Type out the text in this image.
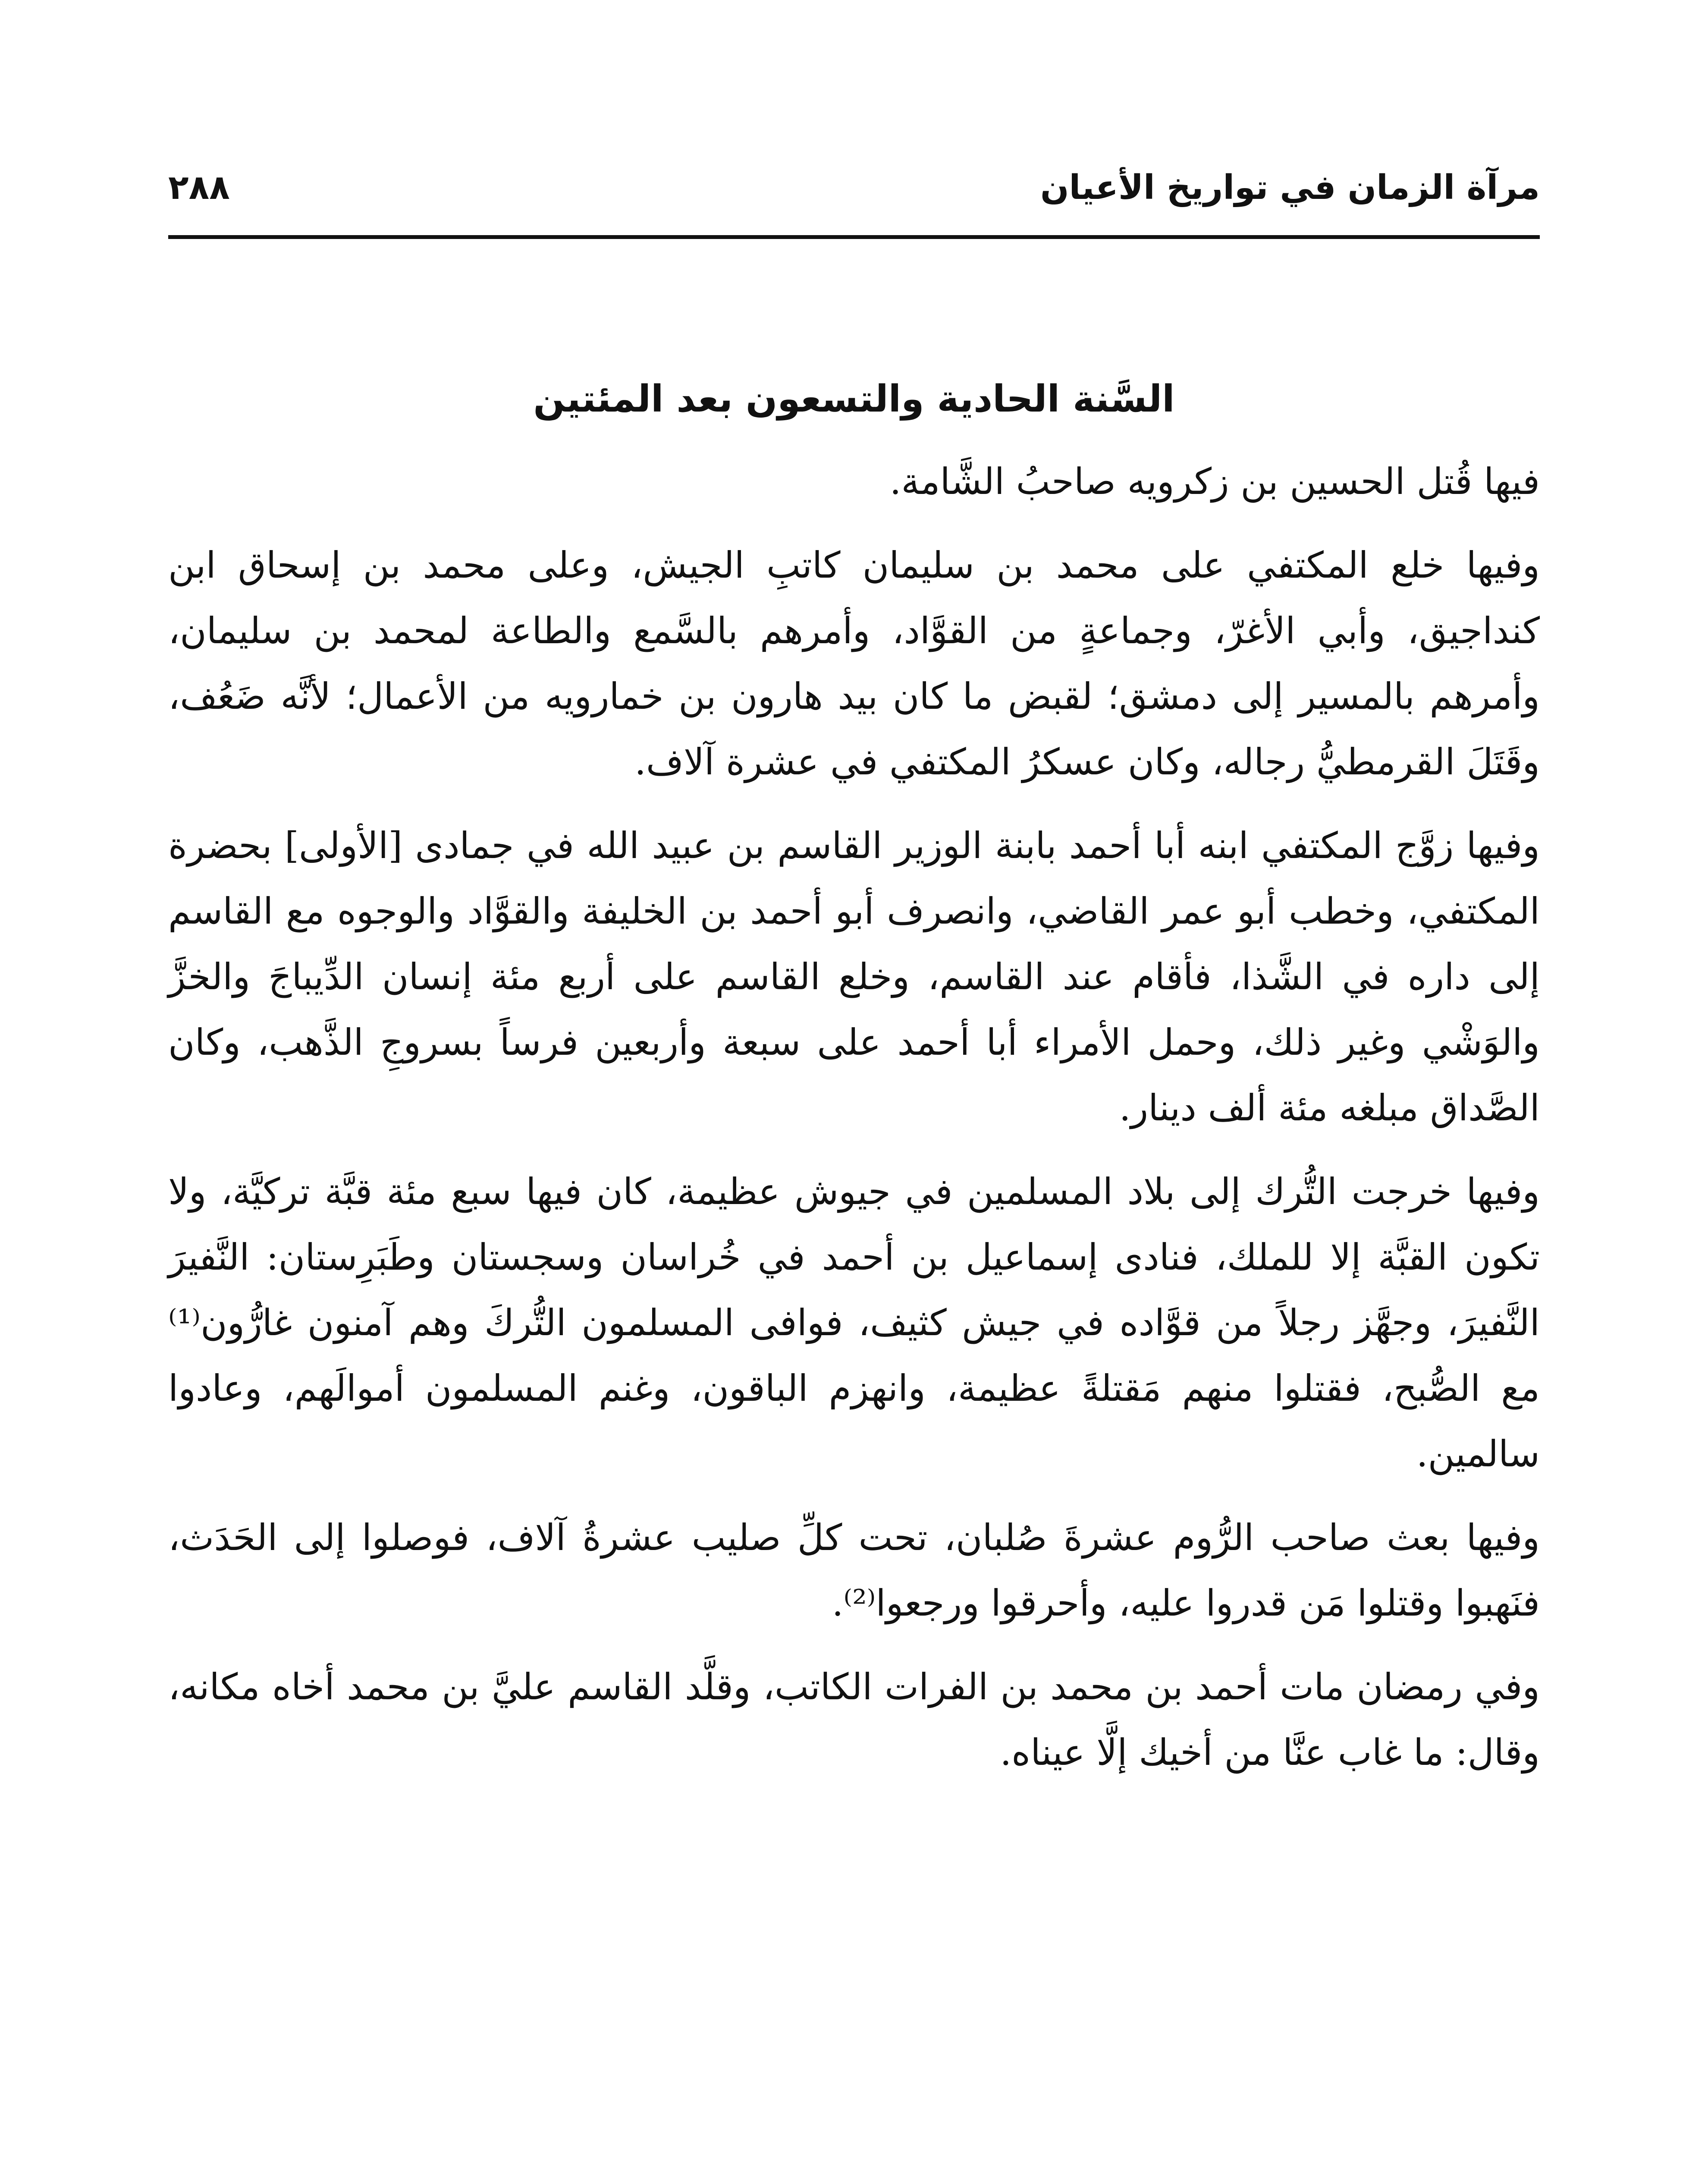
مرآة الزمان في تواريخ الأعيان
٢٨٨
السَّنة الحادية والتسعون بعد المئتين

فيها قُتل الحسين بن زكرويه صاحبُ الشَّامة.

وفيها خلع المكتفي على محمد بن سليمان كاتبِ الجيش، وعلى محمد بن إسحاق ابن كنداجيق، وأبي الأغرّ، وجماعةٍ من القوَّاد، وأمرهم بالسَّمع والطاعة لمحمد بن سليمان، وأمرهم بالمسير إلى دمشق؛ لقبض ما كان بيد هارون بن خمارويه من الأعمال؛ لأنَّه ضَعُف، وقَتَلَ القرمطيُّ رجاله، وكان عسكرُ المكتفي في عشرة آلاف.

وفيها زوَّج المكتفي ابنه أبا أحمد بابنة الوزير القاسم بن عبيد الله في جمادى [الأولى] بحضرة المكتفي، وخطب أبو عمر القاضي، وانصرف أبو أحمد بن الخليفة والقوَّاد والوجوه مع القاسم إلى داره في الشَّذا، فأقام عند القاسم، وخلع القاسم على أربع مئة إنسان الدِّيباجَ والخزَّ والوَشْي وغير ذلك، وحمل الأمراء أبا أحمد على سبعة وأربعين فرساً بسروجِ الذَّهب، وكان الصَّداق مبلغه مئة ألف دينار.

وفيها خرجت التُّرك إلى بلاد المسلمين في جيوش عظيمة، كان فيها سبع مئة قبَّة تركيَّة، ولا تكون القبَّة إلا للملك، فنادى إسماعيل بن أحمد في خُراسان وسجستان وطَبَرِستان: النَّفيرَ النَّفيرَ، وجهَّز رجلاً من قوَّاده في جيش كثيف، فوافى المسلمون التُّركَ وهم آمنون غارُّون⁽¹⁾ مع الصُّبح، فقتلوا منهم مَقتلةً عظيمة، وانهزم الباقون، وغنم المسلمون أموالَهم، وعادوا سالمين.

وفيها بعث صاحب الرُّوم عشرةَ صُلبان، تحت كلِّ صليب عشرةُ آلاف، فوصلوا إلى الحَدَث، فنَهبوا وقتلوا مَن قدروا عليه، وأحرقوا ورجعوا⁽²⁾.

وفي رمضان مات أحمد بن محمد بن الفرات الكاتب، وقلَّد القاسم عليَّ بن محمد أخاه مكانه، وقال: ما غاب عنَّا من أخيك إلَّا عيناه.
